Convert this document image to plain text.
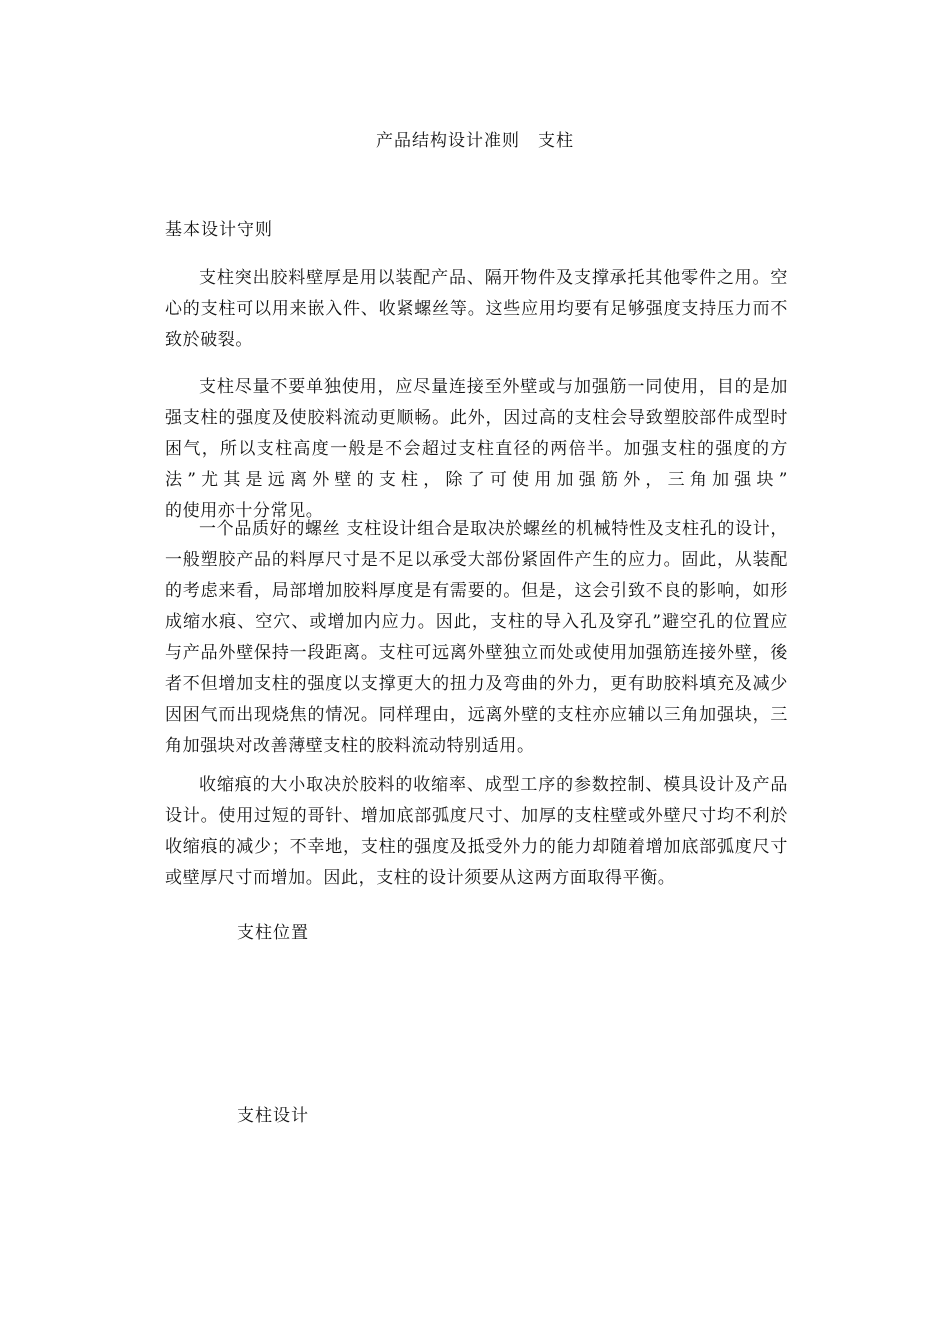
产品结构设计准则　支柱
基本设计守则

支柱突出胶料壁厚是用以装配产品、隔开物件及支撑承托其他零件之用。空心的支柱可以用来嵌入件、收紧螺丝等。这些应用均要有足够强度支持压力而不致於破裂。

支柱尽量不要单独使用，应尽量连接至外壁或与加强筋一同使用，目的是加强支柱的强度及使胶料流动更顺畅。此外，因过高的支柱会导致塑胶部件成型时困气，所以支柱高度一般是不会超过支柱直径的两倍半。加强支柱的强度的方法”尤其是远离外壁的支柱，除了可使用加强筋外，三角加强块”　　　　　　　的使用亦十分常见。

一个品质好的螺丝 支柱设计组合是取决於螺丝的机械特性及支柱孔的设计，一般塑胶产品的料厚尺寸是不足以承受大部份紧固件产生的应力。固此，从装配的考虑来看，局部增加胶料厚度是有需要的。但是，这会引致不良的影响，如形成缩水痕、空穴、或增加内应力。因此，支柱的导入孔及穿孔”避空孔的位置应与产品外壁保持一段距离。支柱可远离外壁独立而处或使用加强筋连接外壁，後者不但增加支柱的强度以支撑更大的扭力及弯曲的外力，更有助胶料填充及减少因困气而出现烧焦的情况。同样理由，远离外壁的支柱亦应辅以三角加强块，三角加强块对改善薄壁支柱的胶料流动特别适用。

收缩痕的大小取决於胶料的收缩率、成型工序的参数控制、模具设计及产品设计。使用过短的哥针、增加底部弧度尺寸、加厚的支柱壁或外壁尺寸均不利於收缩痕的减少；不幸地，支柱的强度及抵受外力的能力却随着增加底部弧度尺寸或壁厚尺寸而增加。因此，支柱的设计须要从这两方面取得平衡。

支柱位置
支柱设计
